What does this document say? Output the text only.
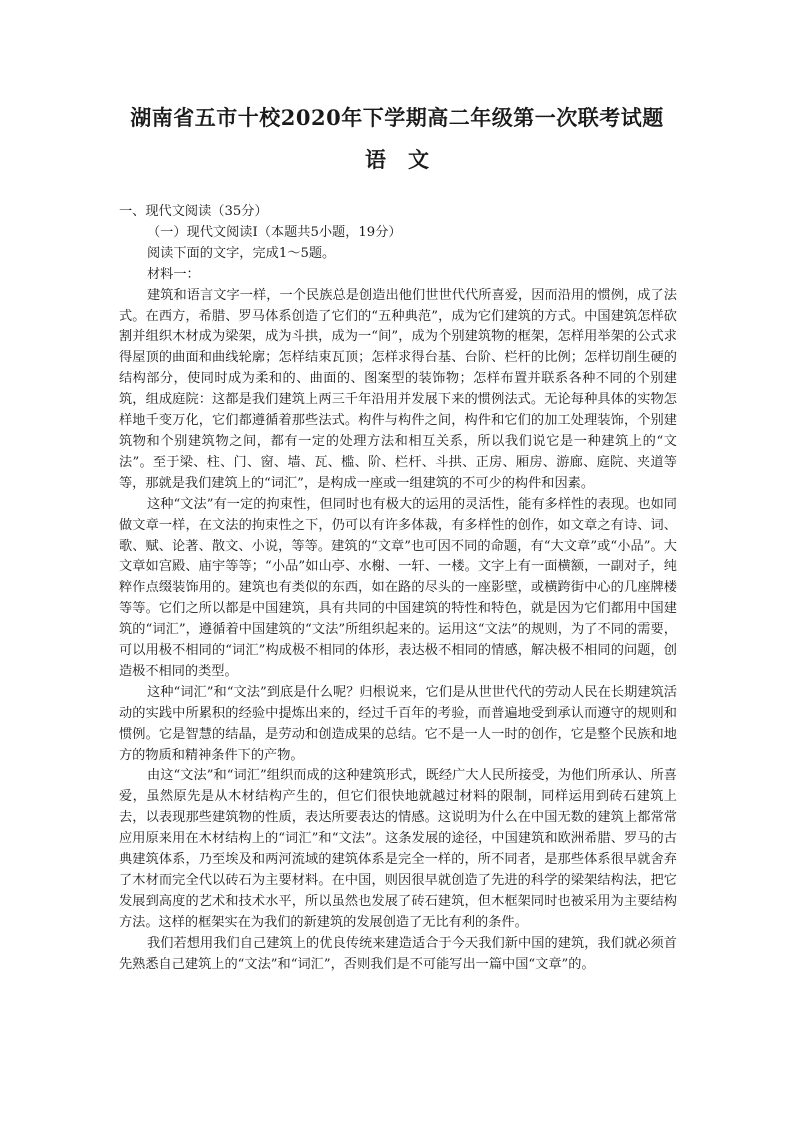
湖南省五市十校2020年下学期高二年级第一次联考试题
语文

一、现代文阅读（35分）

（一）现代文阅读Ⅰ（本题共5小题，19分）

阅读下面的文字，完成1～5题。

材料一：

建筑和语言文字一样，一个民族总是创造出他们世世代代所喜爱，因而沿用的惯例，成了法式。在西方，希腊、罗马体系创造了它们的“五种典范”，成为它们建筑的方式。中国建筑怎样砍割并组织木材成为梁架，成为斗拱，成为一“间”，成为个别建筑物的框架，怎样用举架的公式求得屋顶的曲面和曲线轮廓；怎样结束瓦顶；怎样求得台基、台阶、栏杆的比例；怎样切削生硬的结构部分，使同时成为柔和的、曲面的、图案型的装饰物；怎样布置并联系各种不同的个别建筑，组成庭院：这都是我们建筑上两三千年沿用并发展下来的惯例法式。无论每种具体的实物怎样地千变万化，它们都遵循着那些法式。构件与构件之间，构件和它们的加工处理装饰，个别建筑物和个别建筑物之间，都有一定的处理方法和相互关系，所以我们说它是一种建筑上的“文法”。至于梁、柱、门、窗、墙、瓦、槛、阶、栏杆、斗拱、正房、厢房、游廊、庭院、夹道等等，那就是我们建筑上的“词汇”，是构成一座或一组建筑的不可少的构件和因素。

这种“文法”有一定的拘束性，但同时也有极大的运用的灵活性，能有多样性的表现。也如同做文章一样，在文法的拘束性之下，仍可以有许多体裁，有多样性的创作，如文章之有诗、词、歌、赋、论著、散文、小说，等等。建筑的“文章”也可因不同的命题，有“大文章”或“小品”。大文章如宫殿、庙宇等等；“小品”如山亭、水榭、一轩、一楼。文字上有一面横额，一副对子，纯粹作点缀装饰用的。建筑也有类似的东西，如在路的尽头的一座影壁，或横跨街中心的几座牌楼等等。它们之所以都是中国建筑，具有共同的中国建筑的特性和特色，就是因为它们都用中国建筑的“词汇”，遵循着中国建筑的“文法”所组织起来的。运用这“文法”的规则，为了不同的需要，可以用极不相同的“词汇”构成极不相同的体形，表达极不相同的情感，解决极不相同的问题，创造极不相同的类型。

这种“词汇”和“文法”到底是什么呢？归根说来，它们是从世世代代的劳动人民在长期建筑活动的实践中所累积的经验中提炼出来的，经过千百年的考验，而普遍地受到承认而遵守的规则和惯例。它是智慧的结晶，是劳动和创造成果的总结。它不是一人一时的创作，它是整个民族和地方的物质和精神条件下的产物。

由这“文法”和“词汇”组织而成的这种建筑形式，既经广大人民所接受，为他们所承认、所喜爱，虽然原先是从木材结构产生的，但它们很快地就越过材料的限制，同样运用到砖石建筑上去，以表现那些建筑物的性质，表达所要表达的情感。这说明为什么在中国无数的建筑上都常常应用原来用在木材结构上的“词汇”和“文法”。这条发展的途径，中国建筑和欧洲希腊、罗马的古典建筑体系，乃至埃及和两河流域的建筑体系是完全一样的，所不同者，是那些体系很早就舍弃了木材而完全代以砖石为主要材料。在中国，则因很早就创造了先进的科学的梁架结构法，把它发展到高度的艺术和技术水平，所以虽然也发展了砖石建筑，但木框架同时也被采用为主要结构方法。这样的框架实在为我们的新建筑的发展创造了无比有利的条件。

我们若想用我们自己建筑上的优良传统来建造适合于今天我们新中国的建筑，我们就必须首先熟悉自己建筑上的“文法”和“词汇”，否则我们是不可能写出一篇中国“文章”的。
